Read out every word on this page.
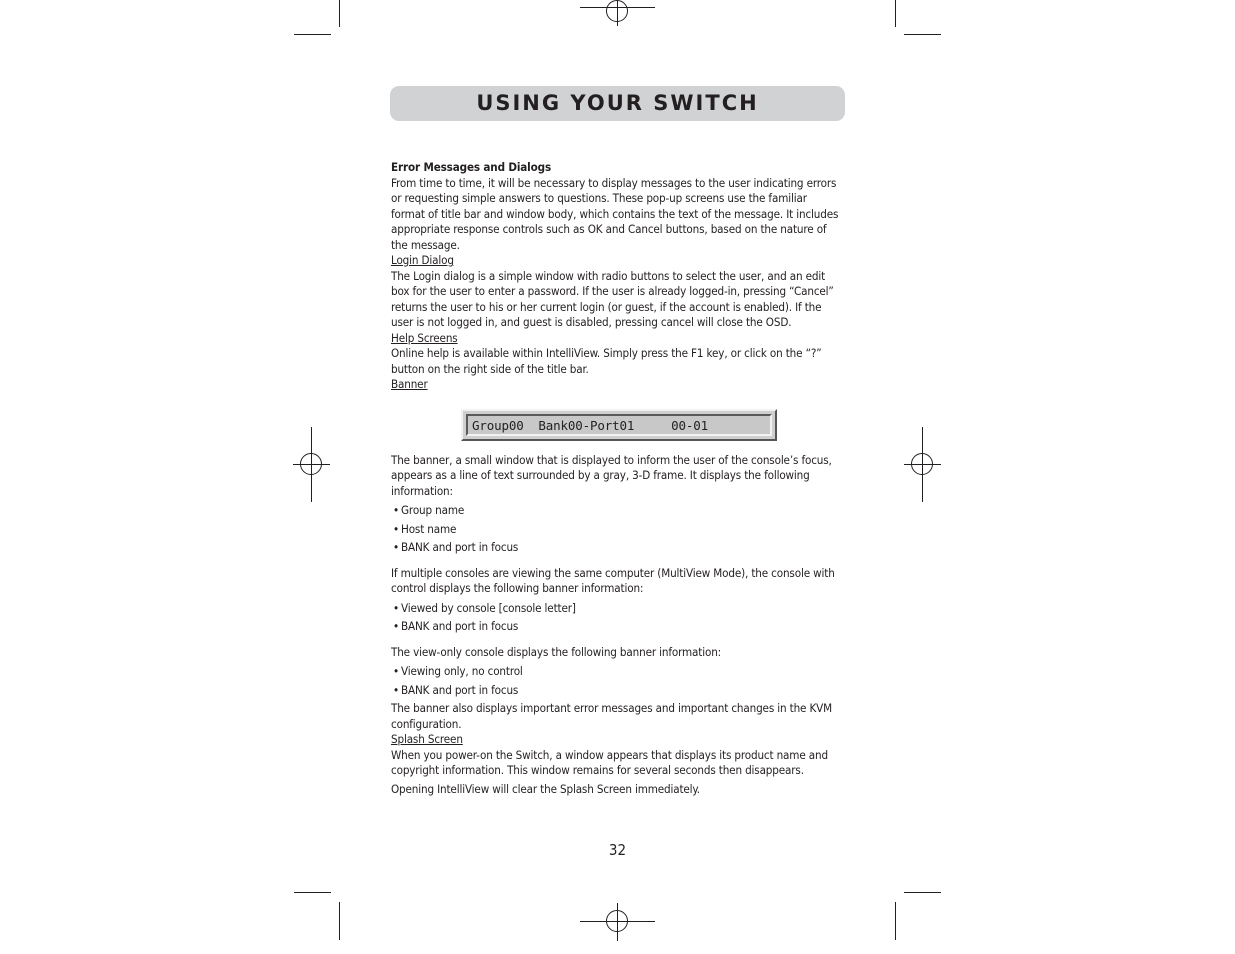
USING YOUR SWITCH

Error Messages and Dialogs

From time to time, it will be necessary to display messages to the user indicating errors or requesting simple answers to questions. These pop-up screens use the familiar format of title bar and window body, which contains the text of the message. It includes appropriate response controls such as OK and Cancel buttons, based on the nature of the message.

Login Dialog

The Login dialog is a simple window with radio buttons to select the user, and an edit box for the user to enter a password. If the user is already logged-in, pressing “Cancel” returns the user to his or her current login (or guest, if the account is enabled). If the user is not logged in, and guest is disabled, pressing cancel will close the OSD.

Help Screens

Online help is available within IntelliView. Simply press the F1 key, or click on the “?” button on the right side of the title bar.

Banner

Group00  Bank00-Port01     00-01

The banner, a small window that is displayed to inform the user of the console’s focus, appears as a line of text surrounded by a gray, 3-D frame. It displays the following information:

• Group name
• Host name
• BANK and port in focus

If multiple consoles are viewing the same computer (MultiView Mode), the console with control displays the following banner information:

• Viewed by console [console letter]
• BANK and port in focus

The view-only console displays the following banner information:

• Viewing only, no control
• BANK and port in focus

The banner also displays important error messages and important changes in the KVM configuration.

Splash Screen

When you power-on the Switch, a window appears that displays its product name and copyright information. This window remains for several seconds then disappears.

Opening IntelliView will clear the Splash Screen immediately.

32
